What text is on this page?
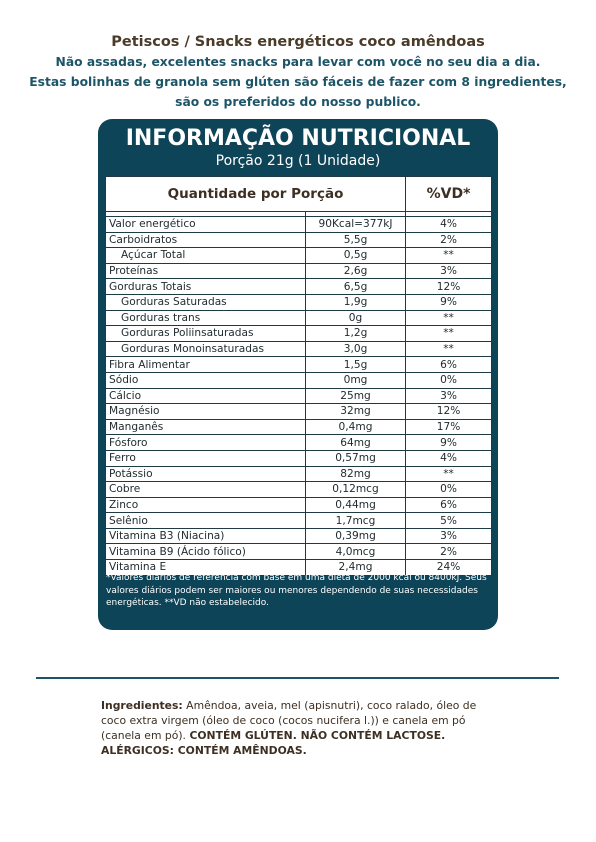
Petiscos / Snacks energéticos coco amêndoas
Não assadas, excelentes snacks para levar com você no seu dia a dia.
Estas bolinhas de granola sem glúten são fáceis de fazer com 8 ingredientes,
são os preferidos do nosso publico.
INFORMAÇÃO NUTRICIONAL
Porção 21g (1 Unidade)
Quantidade por Porção		%VD*

Valor energético	90Kcal=377kJ	4%
Carboidratos	5,5g	2%
Açúcar Total	0,5g	**
Proteínas	2,6g	3%
Gorduras Totais	6,5g	12%
Gorduras Saturadas	1,9g	9%
Gorduras trans	0g	**
Gorduras Poliinsaturadas	1,2g	**
Gorduras Monoinsaturadas	3,0g	**
Fibra Alimentar	1,5g	6%
Sódio	0mg	0%
Cálcio	25mg	3%
Magnésio	32mg	12%
Manganês	0,4mg	17%
Fósforo	64mg	9%
Ferro	0,57mg	4%
Potássio	82mg	**
Cobre	0,12mcg	0%
Zinco	0,44mg	6%
Selênio	1,7mcg	5%
Vitamina B3 (Niacina)	0,39mg	3%
Vitamina B9 (Ácido fólico)	4,0mcg	2%
Vitamina E	2,4mg	24%
*Valores diários de referência com base em uma dieta de 2000 kcal ou 8400kJ. Seus valores diários podem ser maiores ou menores dependendo de suas necessidades energéticas. **VD não estabelecido.
Ingredientes: Amêndoa, aveia, mel (apisnutri), coco ralado, óleo de coco extra virgem (óleo de coco (cocos nucifera l.)) e canela em pó (canela em pó). CONTÉM GLÚTEN. NÃO CONTÉM LACTOSE. ALÉRGICOS: CONTÉM AMÊNDOAS.
